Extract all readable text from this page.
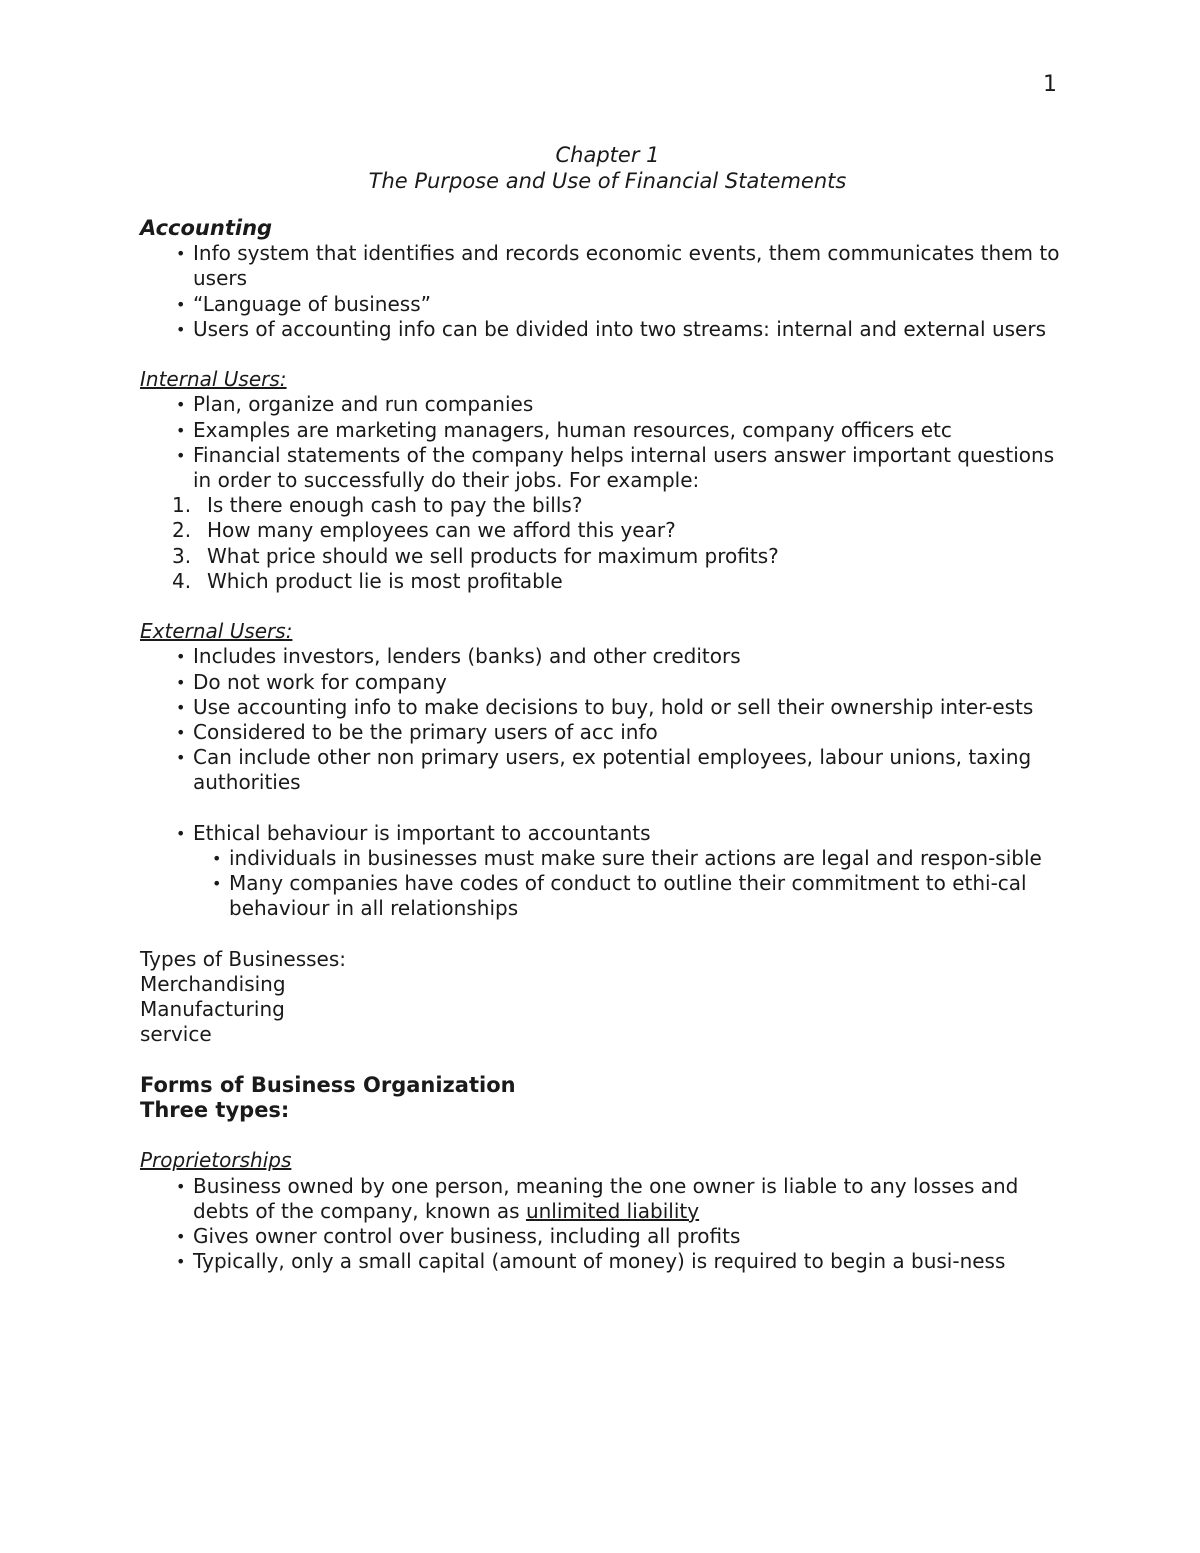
1
Chapter 1
The Purpose and Use of Financial Statements
Accounting
• Info system that identifies and records economic events, them communicates them to users
• “Language of business”
• Users of accounting info can be divided into two streams: internal and external users
Internal Users:
• Plan, organize and run companies
• Examples are marketing managers, human resources, company officers etc
• Financial statements of the company helps internal users answer important questions in order to successfully do their jobs. For example:
1. Is there enough cash to pay the bills?
2. How many employees can we afford this year?
3. What price should we sell products for maximum profits?
4. Which product lie is most profitable
External Users:
• Includes investors, lenders (banks) and other creditors
• Do not work for company
• Use accounting info to make decisions to buy, hold or sell their ownership inter-ests
• Considered to be the primary users of acc info
• Can include other non primary users, ex potential employees, labour unions, taxing authorities
• Ethical behaviour is important to accountants
• individuals in businesses must make sure their actions are legal and respon-sible
• Many companies have codes of conduct to outline their commitment to ethi-cal behaviour in all relationships
Types of Businesses:
Merchandising
Manufacturing
service
Forms of Business Organization
Three types:
Proprietorships
• Business owned by one person, meaning the one owner is liable to any losses and debts of the company, known as unlimited liability
• Gives owner control over business, including all profits
• Typically, only a small capital (amount of money) is required to begin a busi-ness
